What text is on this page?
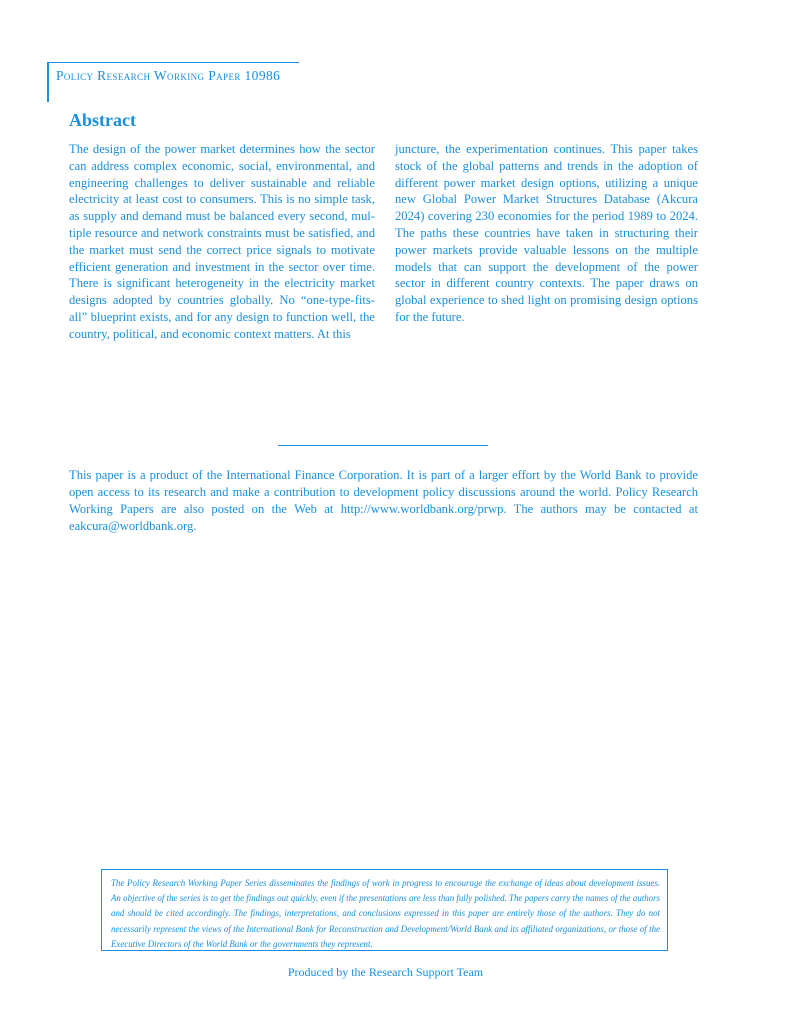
Policy Research Working Paper 10986
Abstract

The design of the power market determines how the sector can address complex economic, social, environmental, and engineering challenges to deliver sustainable and reliable electricity at least cost to consumers. This is no simple task, as supply and demand must be balanced every second, multiple resource and network constraints must be satisfied, and the market must send the correct price signals to motivate efficient generation and investment in the sector over time. There is significant heterogeneity in the electricity market designs adopted by countries globally. No “one-type-fits-all” blueprint exists, and for any design to function well, the country, political, and economic context matters. At this

juncture, the experimentation continues. This paper takes stock of the global patterns and trends in the adoption of different power market design options, utilizing a unique new Global Power Market Structures Database (Akcura 2024) covering 230 economies for the period 1989 to 2024. The paths these countries have taken in structuring their power markets provide valuable lessons on the multiple models that can support the development of the power sector in different country contexts. The paper draws on global experience to shed light on promising design options for the future.

This paper is a product of the International Finance Corporation. It is part of a larger effort by the World Bank to provide open access to its research and make a contribution to development policy discussions around the world. Policy Research Working Papers are also posted on the Web at http://www.worldbank.org/prwp. The authors may be contacted at eakcura@worldbank.org.

The Policy Research Working Paper Series disseminates the findings of work in progress to encourage the exchange of ideas about development issues. An objective of the series is to get the findings out quickly, even if the presentations are less than fully polished. The papers carry the names of the authors and should be cited accordingly. The findings, interpretations, and conclusions expressed in this paper are entirely those of the authors. They do not necessarily represent the views of the International Bank for Reconstruction and Development/World Bank and its affiliated organizations, or those of the Executive Directors of the World Bank or the governments they represent.

Produced by the Research Support Team
